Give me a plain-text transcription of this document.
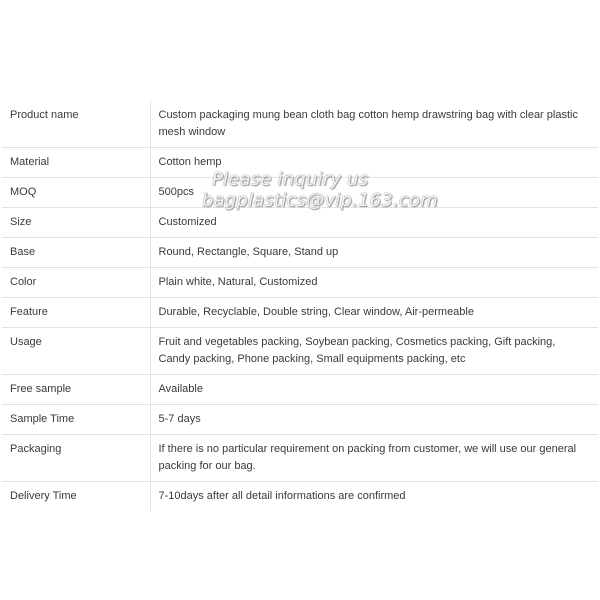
Product name	Custom packaging mung bean cloth bag cotton hemp drawstring bag with clear plastic mesh window
Material	Cotton hemp
MOQ	500pcs
Size	Customized
Base	Round, Rectangle, Square, Stand up
Color	Plain white, Natural, Customized
Feature	Durable, Recyclable, Double string, Clear window, Air-permeable
Usage	Fruit and vegetables packing, Soybean packing, Cosmetics packing, Gift packing, Candy packing, Phone packing, Small equipments packing, etc
Free sample	Available
Sample Time	5-7 days
Packaging	If there is no particular requirement on packing from customer, we will use our general packing for our bag.
Delivery Time	7-10days after all detail informations are confirmed
Please inquiry us
bagplastics@vip.163.com
